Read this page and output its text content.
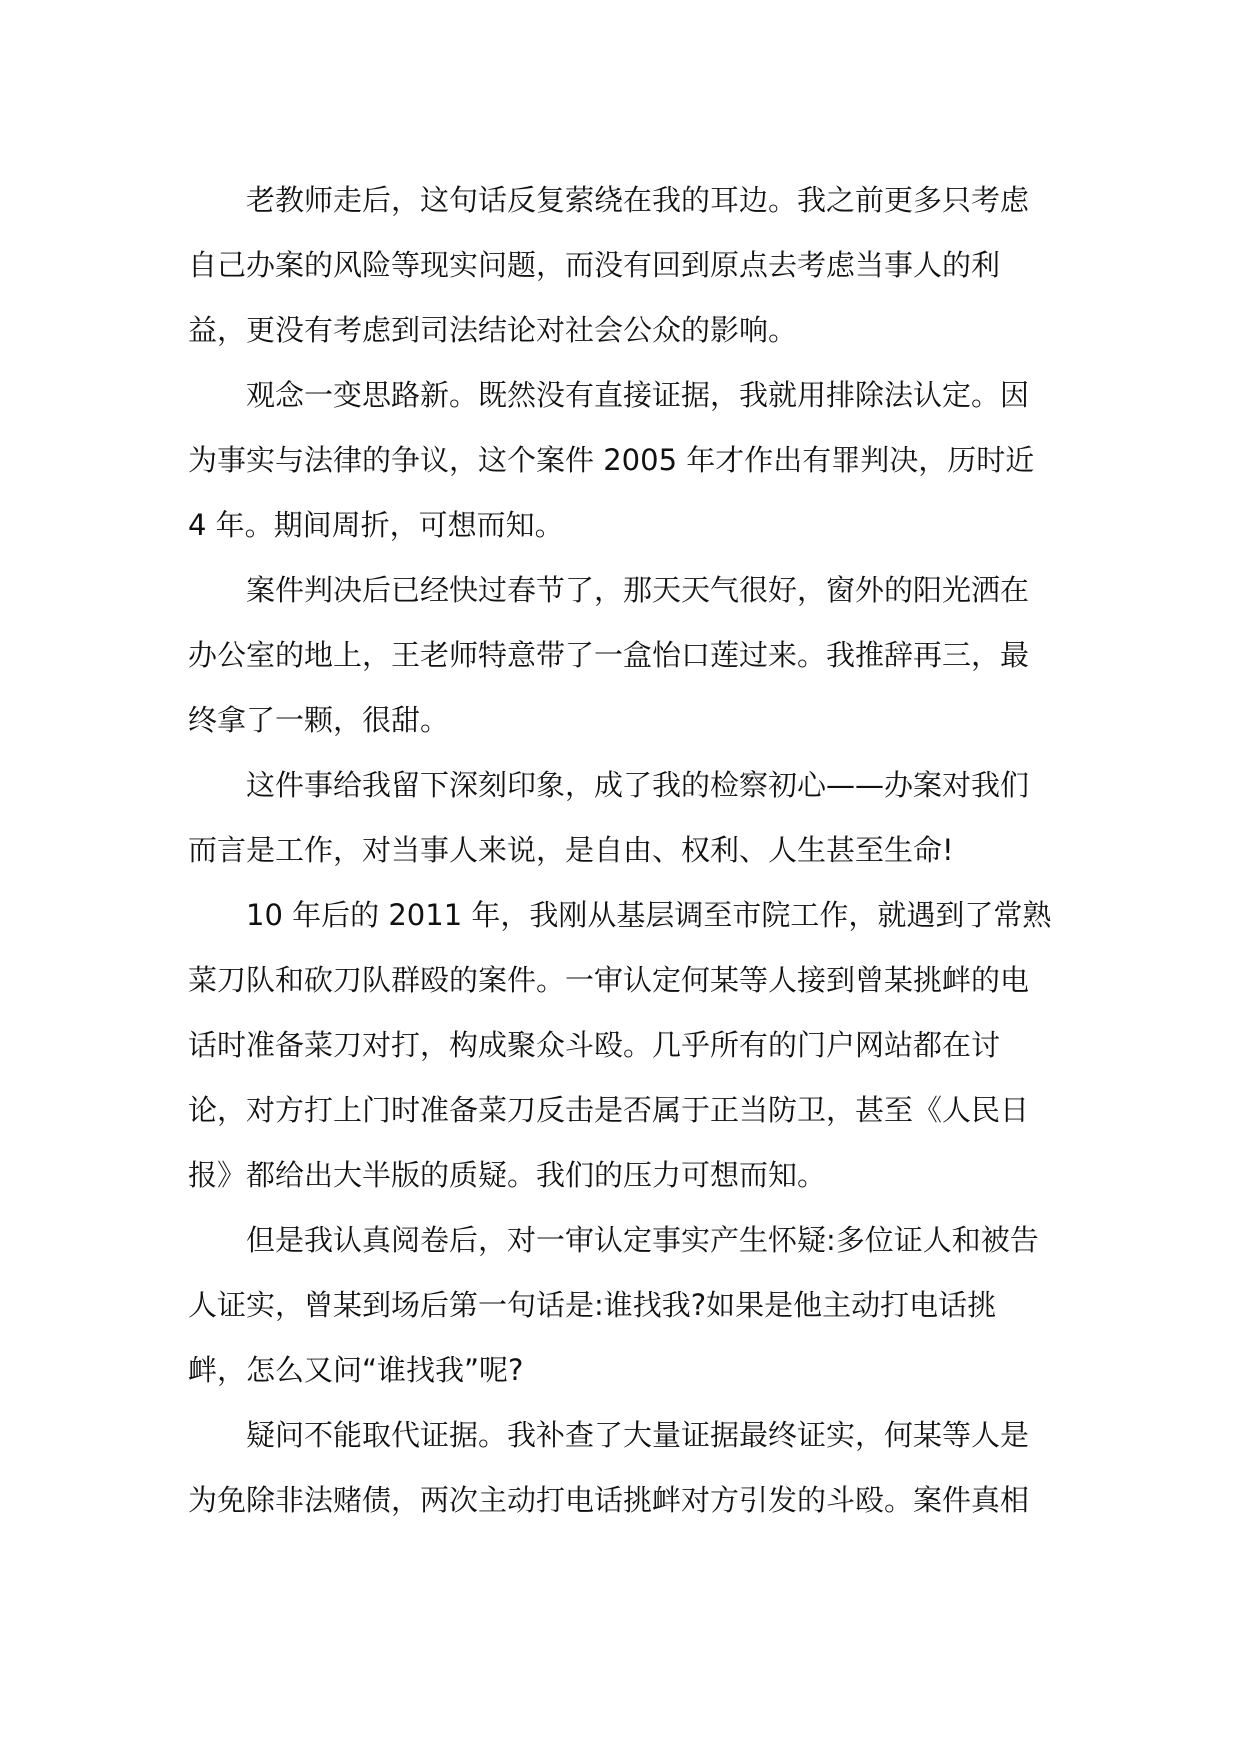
老教师走后，这句话反复萦绕在我的耳边。我之前更多只考虑
自己办案的风险等现实问题，而没有回到原点去考虑当事人的利
益，更没有考虑到司法结论对社会公众的影响。
观念一变思路新。既然没有直接证据，我就用排除法认定。因
为事实与法律的争议，这个案件 2005 年才作出有罪判决，历时近
4 年。期间周折，可想而知。
案件判决后已经快过春节了，那天天气很好，窗外的阳光洒在
办公室的地上，王老师特意带了一盒怡口莲过来。我推辞再三，最
终拿了一颗，很甜。
这件事给我留下深刻印象，成了我的检察初心——办案对我们
而言是工作，对当事人来说，是自由、权利、人生甚至生命!
10 年后的 2011 年，我刚从基层调至市院工作，就遇到了常熟
菜刀队和砍刀队群殴的案件。一审认定何某等人接到曾某挑衅的电
话时准备菜刀对打，构成聚众斗殴。几乎所有的门户网站都在讨
论，对方打上门时准备菜刀反击是否属于正当防卫，甚至《人民日
报》都给出大半版的质疑。我们的压力可想而知。
但是我认真阅卷后，对一审认定事实产生怀疑:多位证人和被告
人证实，曾某到场后第一句话是:谁找我?如果是他主动打电话挑
衅，怎么又问“谁找我”呢?
疑问不能取代证据。我补查了大量证据最终证实，何某等人是
为免除非法赌债，两次主动打电话挑衅对方引发的斗殴。案件真相
